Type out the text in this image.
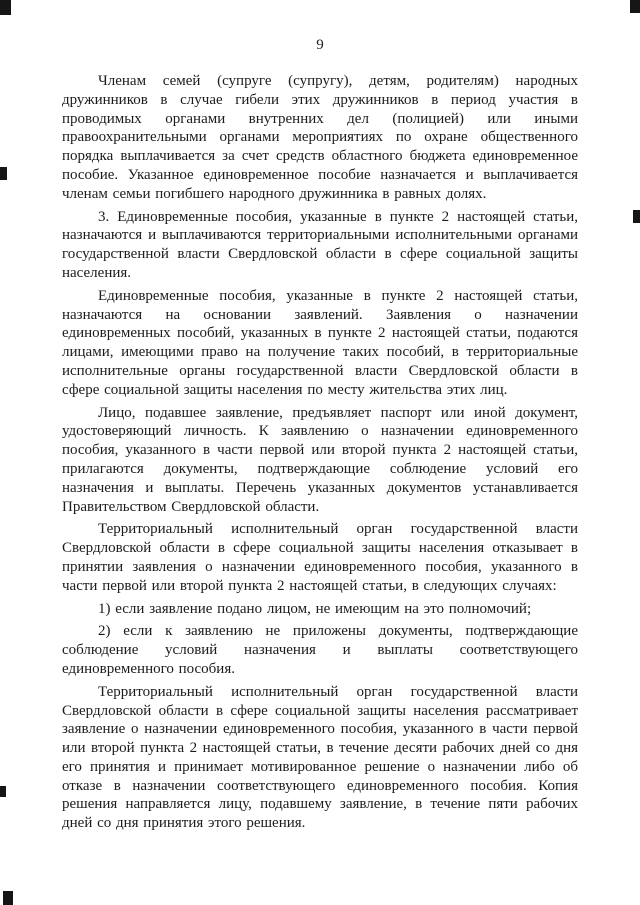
9

Членам семей (супруге (супругу), детям, родителям) народных дружинников в случае гибели этих дружинников в период участия в проводимых органами внутренних дел (полицией) или иными правоохранительными органами мероприятиях по охране общественного порядка выплачивается за счет средств областного бюджета единовременное пособие. Указанное единовременное пособие назначается и выплачивается членам семьи погибшего народного дружинника в равных долях.

3. Единовременные пособия, указанные в пункте 2 настоящей статьи, назначаются и выплачиваются территориальными исполнительными органами государственной власти Свердловской области в сфере социальной защиты населения.

Единовременные пособия, указанные в пункте 2 настоящей статьи, назначаются на основании заявлений. Заявления о назначении единовременных пособий, указанных в пункте 2 настоящей статьи, подаются лицами, имеющими право на получение таких пособий, в территориальные исполнительные органы государственной власти Свердловской области в сфере социальной защиты населения по месту жительства этих лиц.

Лицо, подавшее заявление, предъявляет паспорт или иной документ, удостоверяющий личность. К заявлению о назначении единовременного пособия, указанного в части первой или второй пункта 2 настоящей статьи, прилагаются документы, подтверждающие соблюдение условий его назначения и выплаты. Перечень указанных документов устанавливается Правительством Свердловской области.

Территориальный исполнительный орган государственной власти Свердловской области в сфере социальной защиты населения отказывает в принятии заявления о назначении единовременного пособия, указанного в части первой или второй пункта 2 настоящей статьи, в следующих случаях:

1) если заявление подано лицом, не имеющим на это полномочий;

2) если к заявлению не приложены документы, подтверждающие соблюдение условий назначения и выплаты соответствующего единовременного пособия.

Территориальный исполнительный орган государственной власти Свердловской области в сфере социальной защиты населения рассматривает заявление о назначении единовременного пособия, указанного в части первой или второй пункта 2 настоящей статьи, в течение десяти рабочих дней со дня его принятия и принимает мотивированное решение о назначении либо об отказе в назначении соответствующего единовременного пособия. Копия решения направляется лицу, подавшему заявление, в течение пяти рабочих дней со дня принятия этого решения.
